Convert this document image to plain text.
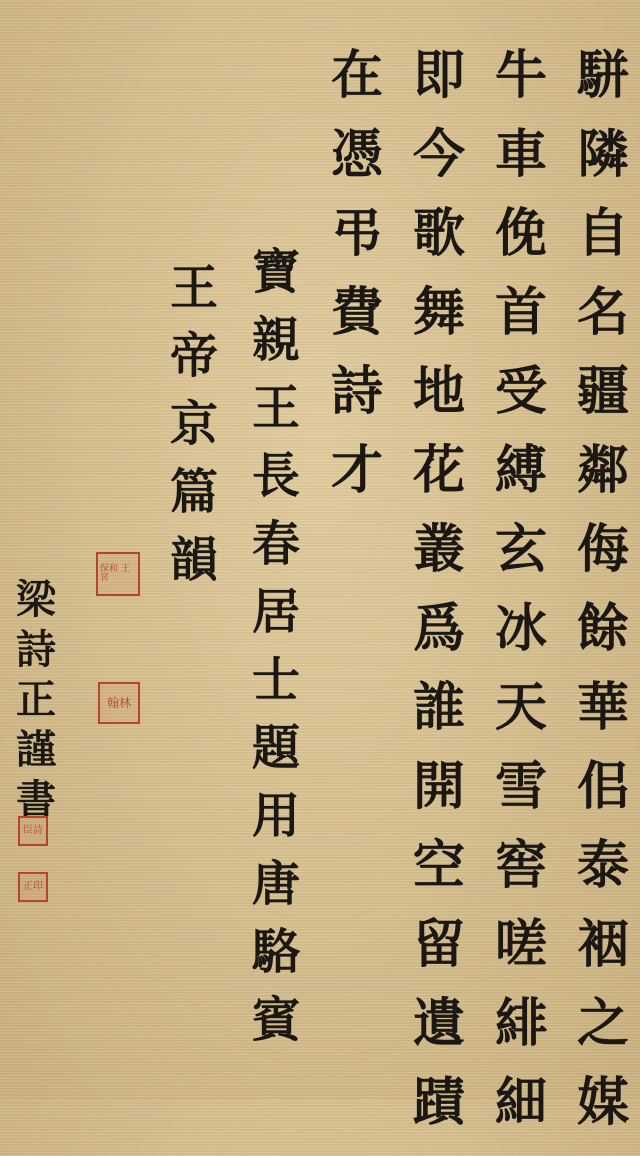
駢
隣
自
名
疆
鄰
侮
餘
華
佀
泰
裀
之
媒
牛
車
俛
首
受
縛
玄
冰
天
雪
窖
嗟
緋
細
即
今
歌
舞
地
花
叢
爲
誰
開
空
留
遺
蹟
在
憑
弔
費
詩
才
寶
親
王
長
春
居
士
題
用
唐
駱
賓
王
帝
京
篇
韻
梁
詩
正
謹
書
保和 王宮
翰林
臣詩
正印
